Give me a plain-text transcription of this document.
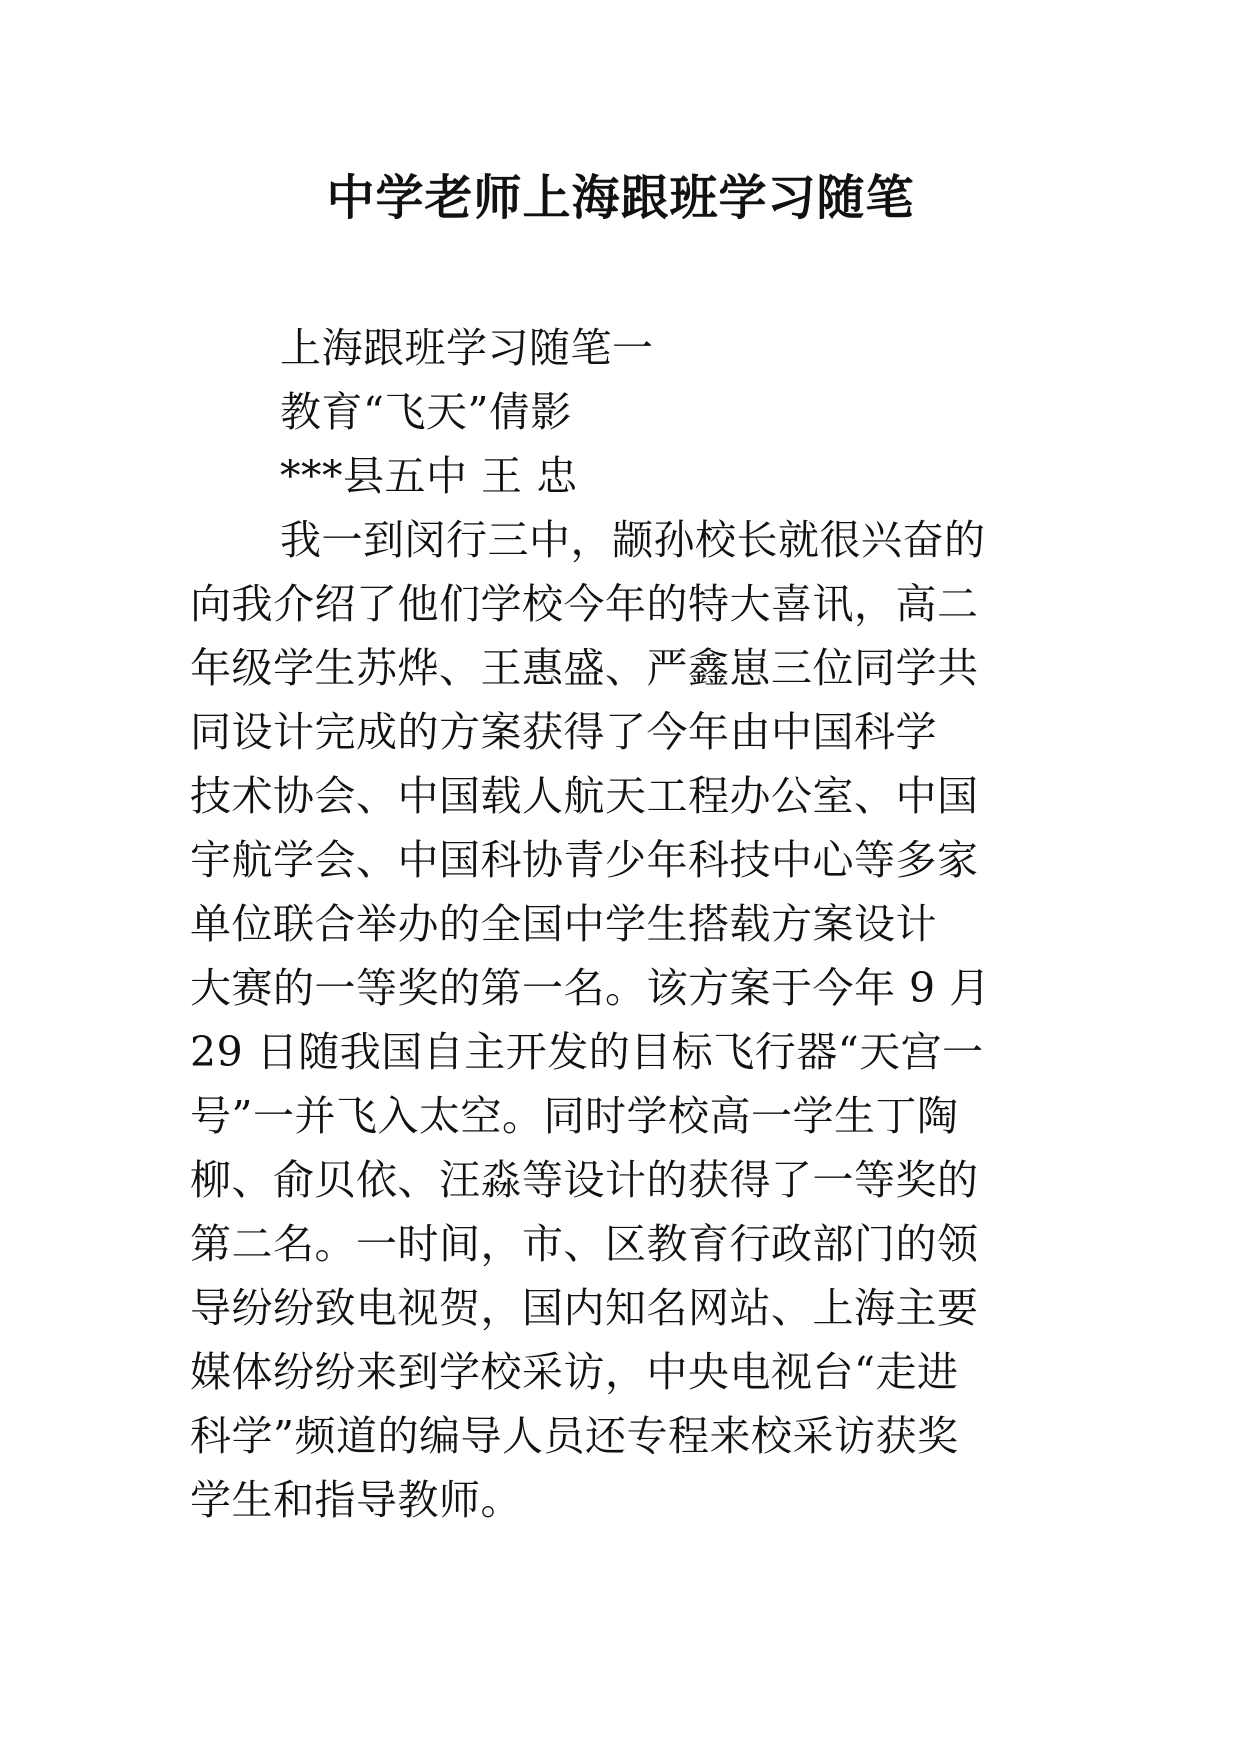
中学老师上海跟班学习随笔
上海跟班学习随笔一
教育“飞天”倩影
***县五中 王 忠
我一到闵行三中，颛孙校长就很兴奋的
向我介绍了他们学校今年的特大喜讯，高二
年级学生苏烨、王惠盛、严鑫崽三位同学共
同设计完成的方案获得了今年由中国科学
技术协会、中国载人航天工程办公室、中国
宇航学会、中国科协青少年科技中心等多家
单位联合举办的全国中学生搭载方案设计
大赛的一等奖的第一名。该方案于今年 9 月
29 日随我国自主开发的目标飞行器“天宫一
号”一并飞入太空。同时学校高一学生丁陶
柳、俞贝依、汪淼等设计的获得了一等奖的
第二名。一时间，市、区教育行政部门的领
导纷纷致电视贺，国内知名网站、上海主要
媒体纷纷来到学校采访，中央电视台“走进
科学”频道的编导人员还专程来校采访获奖
学生和指导教师。
